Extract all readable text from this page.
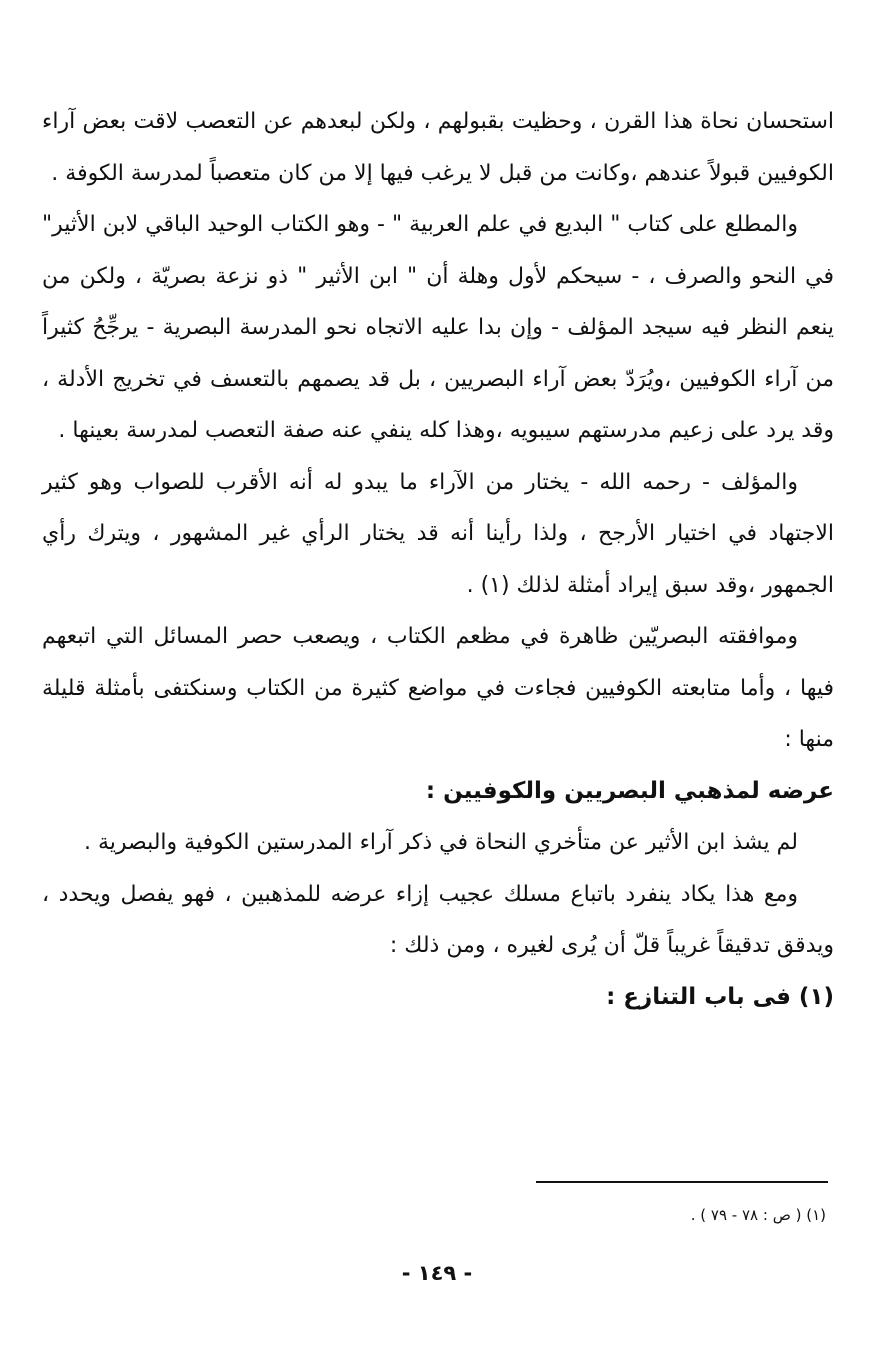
استحسان نحاة هذا القرن ، وحظيت بقبولهم ، ولكن لبعدهم عن التعصب لاقت بعض آراء الكوفيين قبولاً عندهم ،وكانت من قبل لا يرغب فيها إلا من كان متعصباً لمدرسة الكوفة .

والمطلع على كتاب " البديع في علم العربية " - وهو الكتاب الوحيد الباقي لابن الأثير" في النحو والصرف ، - سيحكم لأول وهلة أن " ابن الأثير " ذو نزعة بصريّة ، ولكن من ينعم النظر فيه سيجد المؤلف - وإن بدا عليه الاتجاه نحو المدرسة البصرية - يرجِّحُ كثيراً من آراء الكوفيين ،ويُرَدّ بعض آراء البصريين ، بل قد يصمهم بالتعسف في تخريج الأدلة ، وقد يرد على زعيم مدرستهم سيبويه ،وهذا كله ينفي عنه صفة التعصب لمدرسة بعينها .

والمؤلف - رحمه الله - يختار من الآراء ما يبدو له أنه الأقرب للصواب وهو كثير الاجتهاد في اختيار الأرجح ، ولذا رأينا أنه قد يختار الرأي غير المشهور ، ويترك رأي الجمهور ،وقد سبق إيراد أمثلة لذلك (١) .

وموافقته البصريّين ظاهرة في مظعم الكتاب ، ويصعب حصر المسائل التي اتبعهم فيها ، وأما متابعته الكوفيين فجاءت في مواضع كثيرة من الكتاب وسنكتفى بأمثلة قليلة منها :

عرضه لمذهبي البصريين والكوفيين :

لم يشذ ابن الأثير عن متأخري النحاة في ذكر آراء المدرستين الكوفية والبصرية .

ومع هذا يكاد ينفرد باتباع مسلك عجيب إزاء عرضه للمذهبين ، فهو يفصل ويحدد ، ويدقق تدقيقاً غريباً قلّ أن يُرى لغيره ، ومن ذلك :

(١) فى باب التنازع :

(١) ( ص : ٧٨ - ٧٩ ) .

- ١٤٩ -
